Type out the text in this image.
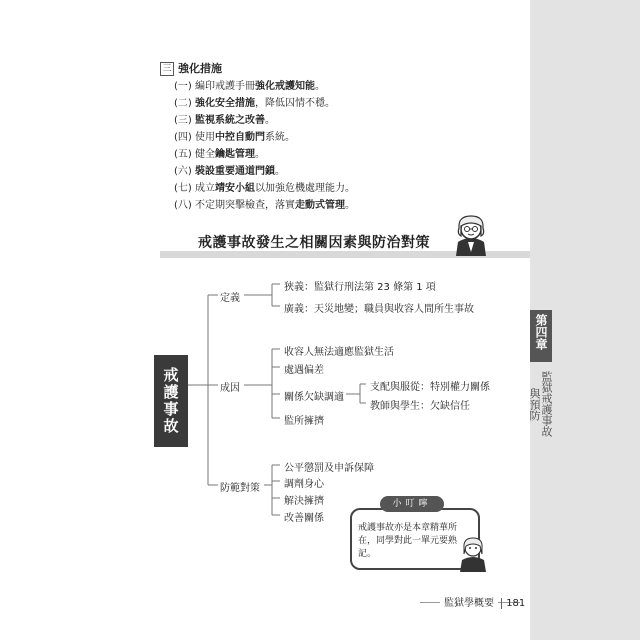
第四章
監獄戒護事故與預防
三 強化措施
(一) 編印戒護手冊強化戒護知能。
(二) 強化安全措施，降低囚情不穩。
(三) 監視系統之改善。
(四) 使用中控自動門系統。
(五) 健全鑰匙管理。
(六) 裝設重要通道門鎖。
(七) 成立靖安小組以加強危機處理能力。
(八) 不定期突擊檢查，落實走動式管理。
戒護事故發生之相關因素與防治對策
戒護事故
定義
狹義：監獄行刑法第 23 條第 1 項
廣義：天災地變；職員與收容人間所生事故
成因
收容人無法適應監獄生活
處遇偏差
關係欠缺調適
監所擁擠
支配與服從：特別權力關係
教師與學生：欠缺信任
防範對策
公平懲罰及申訴保障
調劑身心
解決擁擠
改善關係
小叮嚀
戒護事故亦是本章精華所在，同學對此一單元要熟記。
監獄學概要 181
